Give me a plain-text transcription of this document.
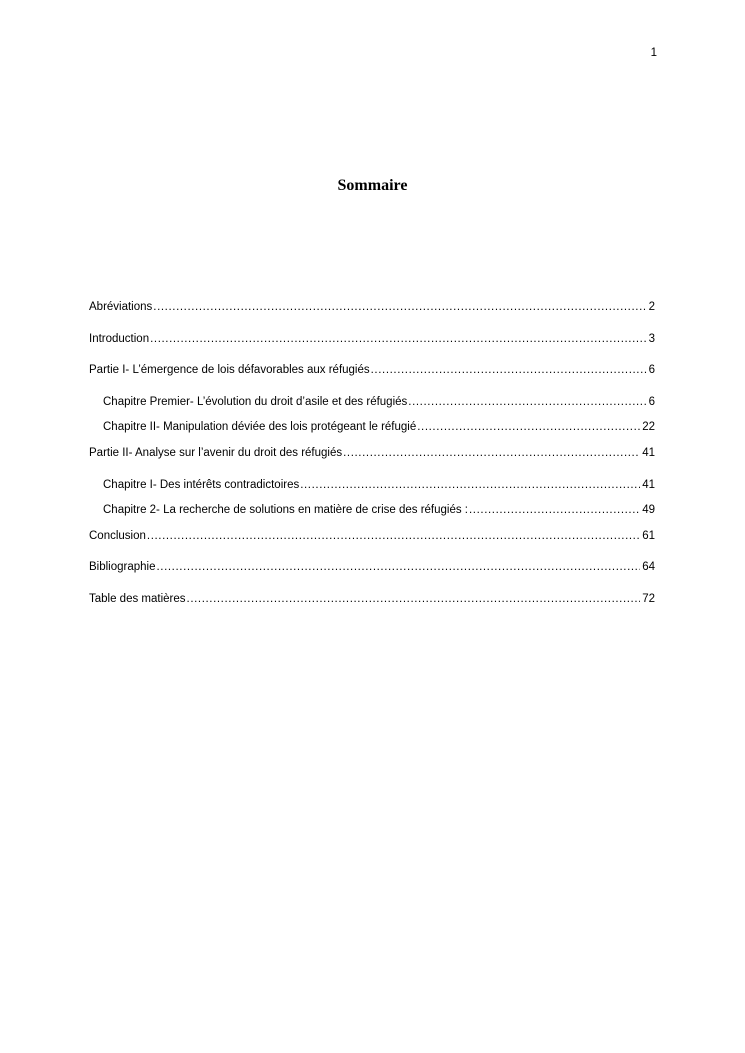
1
Sommaire
Abréviations .....	2
Introduction .....	3
Partie I- L’émergence de lois défavorables aux réfugiés .....	6
Chapitre Premier- L’évolution du droit d’asile et des réfugiés .....	6
Chapitre II- Manipulation déviée des lois protégeant le réfugié .....	22
Partie II- Analyse sur l’avenir du droit des réfugiés .....	41
Chapitre I- Des intérêts contradictoires .....	41
Chapitre 2- La recherche de solutions en matière de crise des réfugiés : .....	49
Conclusion .....	61
Bibliographie .....	64
Table des matières .....	72
